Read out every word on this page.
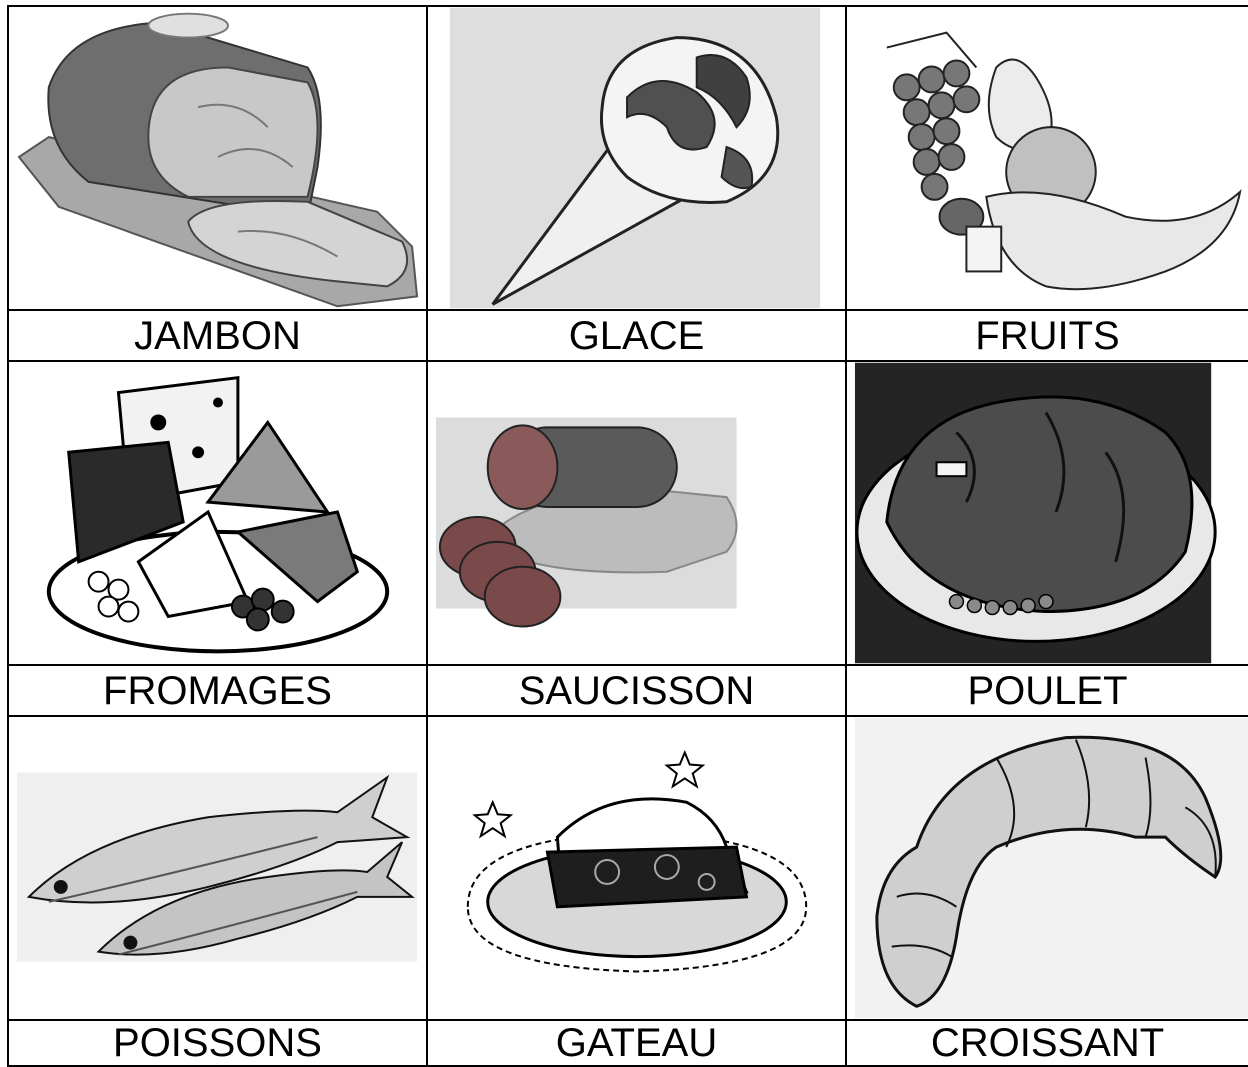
JAMBON	GLACE	FRUITS

FROMAGES	SAUCISSON	POULET

POISSONS	GATEAU	CROISSANT
